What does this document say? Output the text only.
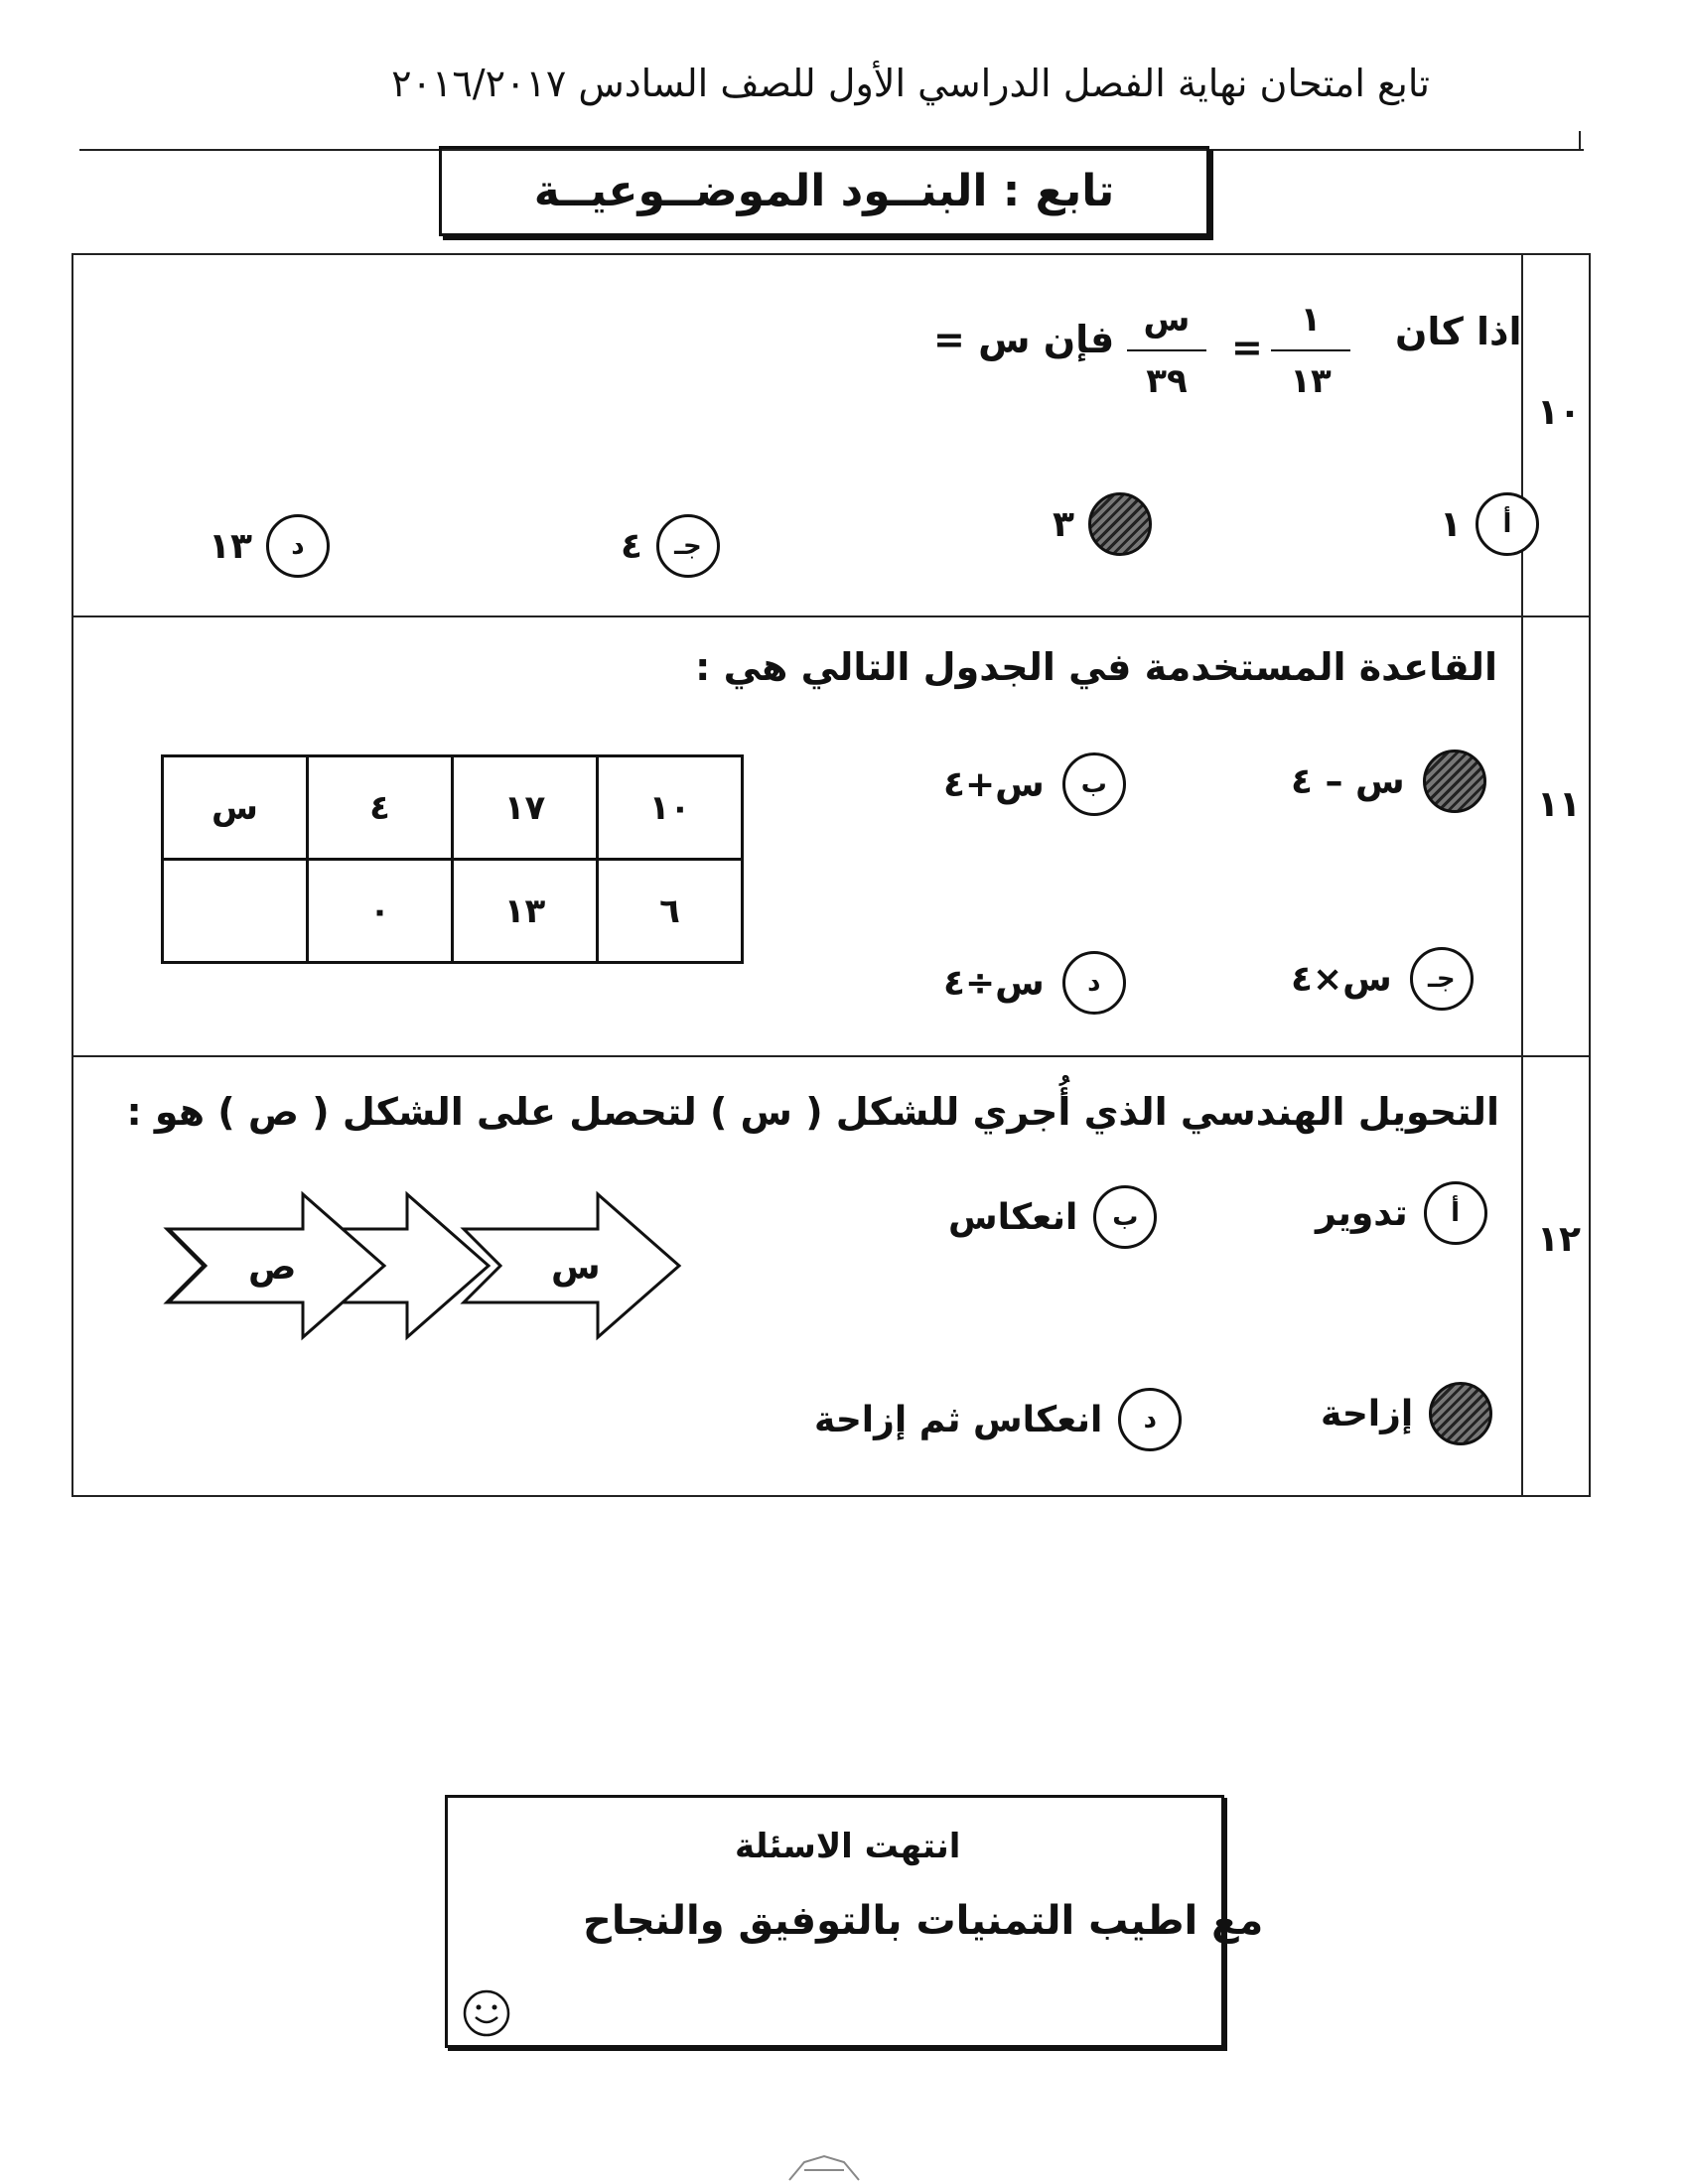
تابع امتحان نهاية الفصل الدراسي الأول للصف السادس ٢٠١٦/٢٠١٧
تابع : البنــود الموضــوعيــة
١٠
اذا كان
١
١٣
=
س
٣٩
فإن س =
١	أ
٣
٤	جـ
١٣	د
١١
القاعدة المستخدمة في الجدول التالي هي :
س – ٤
س+٤	ب
س×٤	جـ
س÷٤	د
س	٤	١٧	١٠
	٠	١٣	٦
١٢
التحويل الهندسي الذي أُجري للشكل ( س ) لتحصل على الشكل ( ص ) هو :
تدوير	أ
انعكاس	ب
إزاحة
انعكاس ثم إزاحة	د
ص	س
انتهت الاسئلة
مع اطيب التمنيات بالتوفيق والنجاح
